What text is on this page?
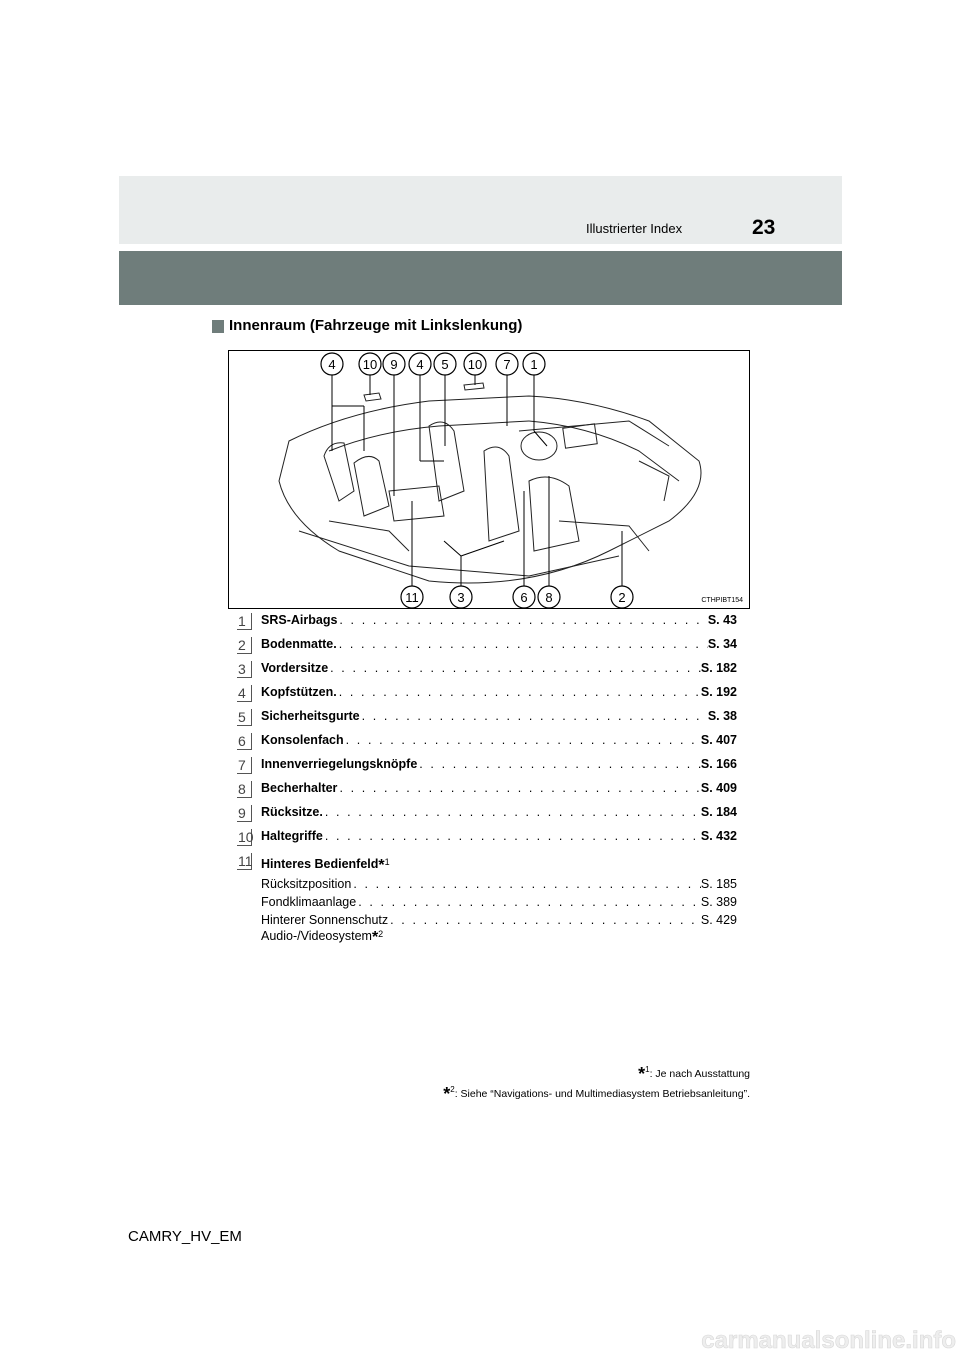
Illustrierter Index	23
Innenraum (Fahrzeuge mit Linkslenkung)
4 10 9 4 5 10 7 1
11	3	6 8	2	CTHPIBT154
1	SRS-Airbags . . .	S. 43
2	Bodenmatte. . . .	S. 34
3	Vordersitze . . .	S. 182
4	Kopfstützen. . . .	S. 192
5	Sicherheitsgurte . . .	S. 38
6	Konsolenfach . . .	S. 407
7	Innenverriegelungsknöpfe . . .	S. 166
8	Becherhalter . . .	S. 409
9	Rücksitze. . . .	S. 184
10 Haltegriffe . . .	S. 432
11 Hinteres Bedienfeld * 1
Rücksitzposition . . .	S. 185
Fondklimaanlage . . .	S. 389
Hinterer Sonnenschutz . . .	S. 429
Audio-/Videosystem * 2
*$^1$: Je nach Ausstattung
*$^2$: Siehe “Navigations- und Multimediasystem Betriebsanleitung”.
CAMRY_HV_EM
carmanualsonline.info
